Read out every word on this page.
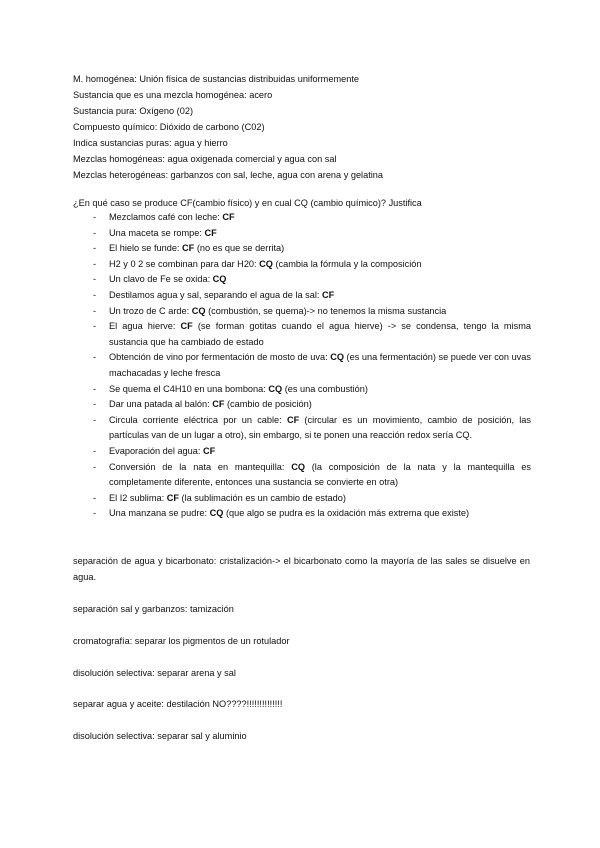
M. homogénea: Unión física de sustancias distribuidas uniformemente
Sustancia que es una mezcla homogénea: acero
Sustancia pura: Oxígeno (02)
Compuesto químico: Dióxido de carbono (C02)
Indica sustancias puras: agua y hierro
Mezclas homogéneas: agua oxigenada comercial y agua con sal
Mezclas heterogéneas: garbanzos con sal, leche, agua con arena y gelatina
¿En qué caso se produce CF(cambio físico) y en cual CQ (cambio químico)? Justifica
- Mezclamos café con leche: CF
- Una maceta se rompe: CF
- El hielo se funde: CF (no es que se derrita)
- H2 y 0 2 se combinan para dar H20: CQ (cambia la fórmula y la composición
- Un clavo de Fe se oxida: CQ
- Destilamos agua y sal, separando el agua de la sal: CF
- Un trozo de C arde: CQ (combustión, se quema)-> no tenemos la misma sustancia
- El agua hierve: CF (se forman gotitas cuando el agua hierve) -> se condensa, tengo la misma sustancia que ha cambiado de estado
- Obtención de vino por fermentación de mosto de uva: CQ (es una fermentación) se puede ver con uvas machacadas y leche fresca
- Se quema el C4H10 en una bombona: CQ (es una combustión)
- Dar una patada al balón: CF (cambio de posición)
- Circula corriente eléctrica por un cable: CF (circular es un movimiento, cambio de posición, las partículas van de un lugar a otro), sin embargo, si te ponen una reacción redox sería CQ.
- Evaporación del agua: CF
- Conversión de la nata en mantequilla: CQ (la composición de la nata y la mantequilla es completamente diferente, entonces una sustancia se convierte en otra)
- El I2 sublima: CF (la sublimación es un cambio de estado)
- Una manzana se pudre: CQ (que algo se pudra es la oxidación más extrema que existe)
separación de agua y bicarbonato: cristalización-> el bicarbonato como la mayoría de las sales se disuelve en agua.
separación sal y garbanzos: tamización
cromatografía: separar los pigmentos de un rotulador
disolución selectiva: separar arena y sal
separar agua y aceite: destilación NO????!!!!!!!!!!!!!!
disolución selectiva: separar sal y aluminio
